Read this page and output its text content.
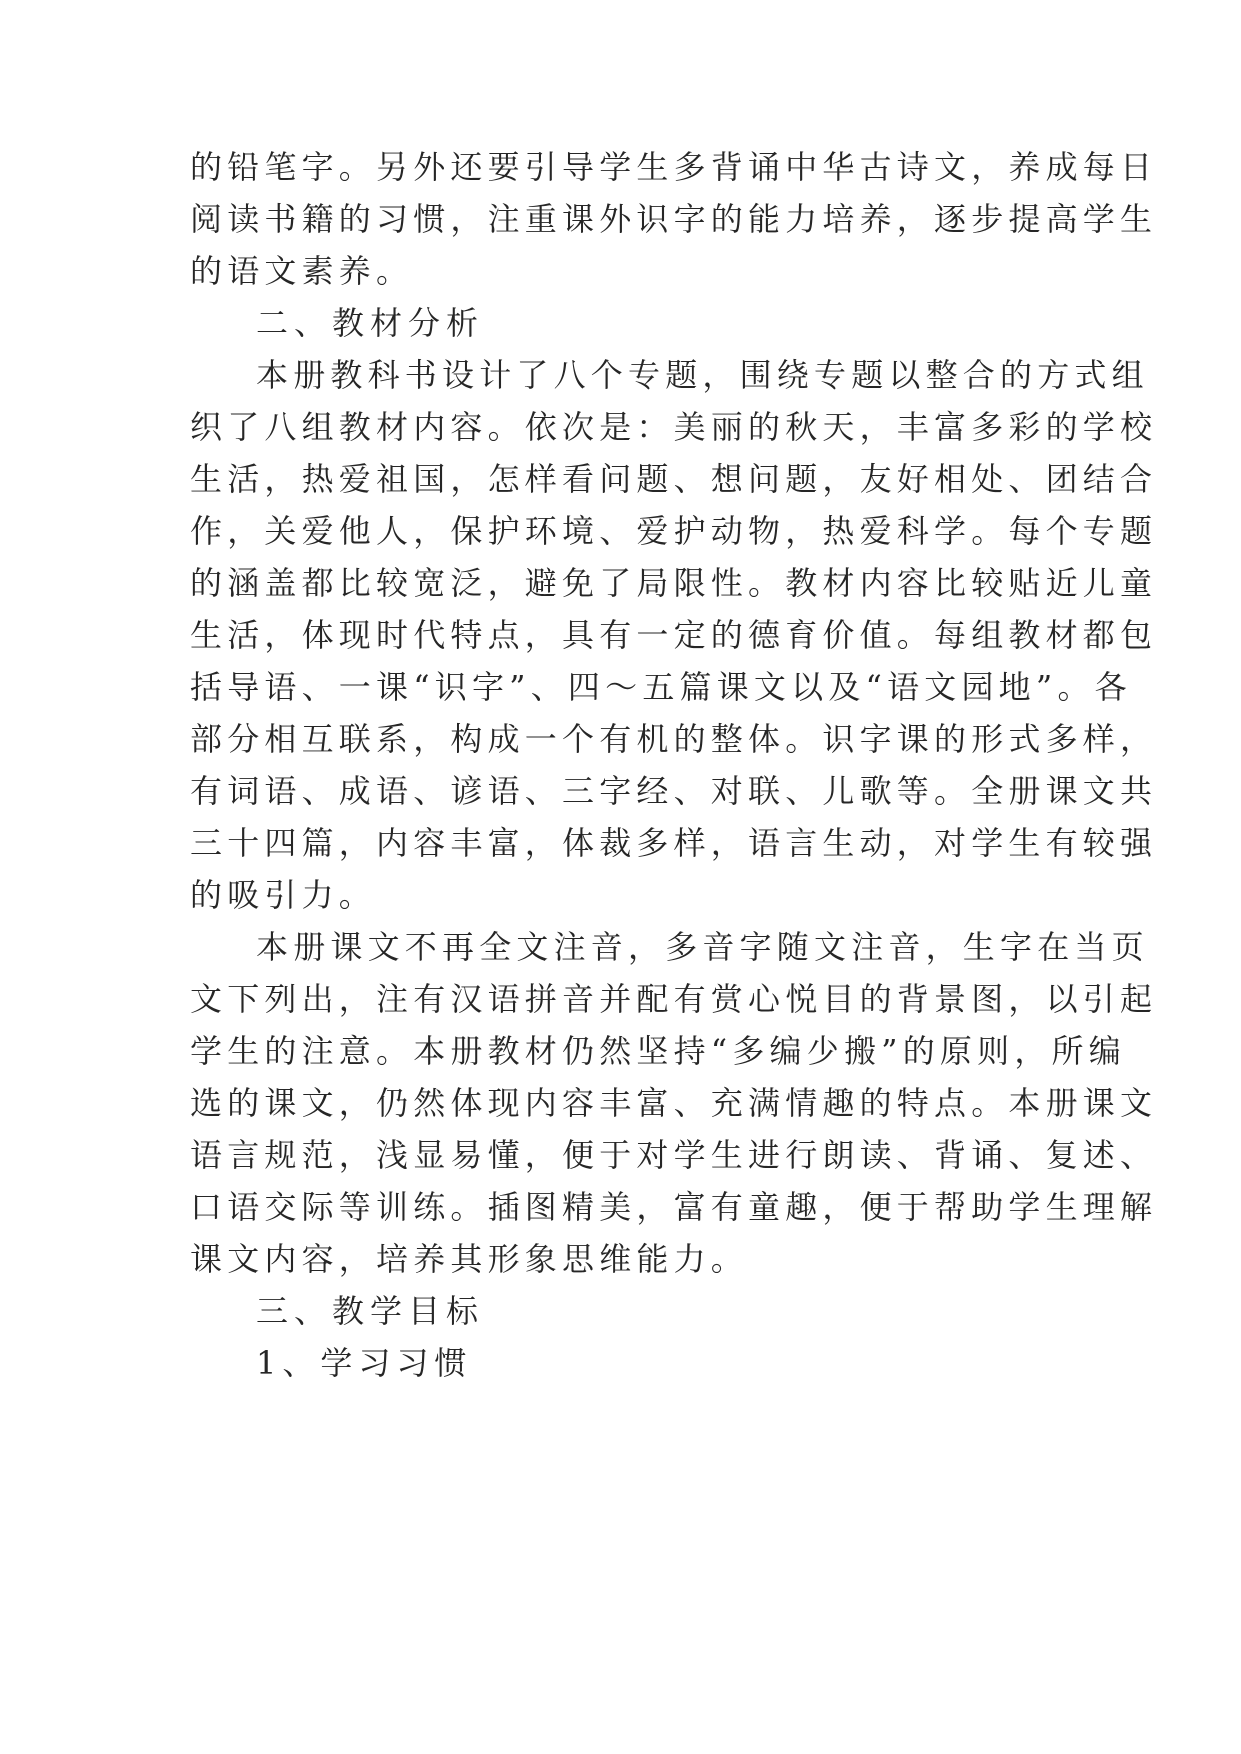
的铅笔字。另外还要引导学生多背诵中华古诗文，养成每日
阅读书籍的习惯，注重课外识字的能力培养，逐步提高学生
的语文素养。
二、教材分析
本册教科书设计了八个专题，围绕专题以整合的方式组
织了八组教材内容。依次是：美丽的秋天，丰富多彩的学校
生活，热爱祖国，怎样看问题、想问题，友好相处、团结合
作，关爱他人，保护环境、爱护动物，热爱科学。每个专题
的涵盖都比较宽泛，避免了局限性。教材内容比较贴近儿童
生活，体现时代特点，具有一定的德育价值。每组教材都包
括导语、一课“识字”、四～五篇课文以及“语文园地”。各
部分相互联系，构成一个有机的整体。识字课的形式多样，
有词语、成语、谚语、三字经、对联、儿歌等。全册课文共
三十四篇，内容丰富，体裁多样，语言生动，对学生有较强
的吸引力。
本册课文不再全文注音，多音字随文注音，生字在当页
文下列出，注有汉语拼音并配有赏心悦目的背景图，以引起
学生的注意。本册教材仍然坚持“多编少搬”的原则，所编
选的课文，仍然体现内容丰富、充满情趣的特点。本册课文
语言规范，浅显易懂，便于对学生进行朗读、背诵、复述、
口语交际等训练。插图精美，富有童趣，便于帮助学生理解
课文内容，培养其形象思维能力。
三、教学目标
1、学习习惯
